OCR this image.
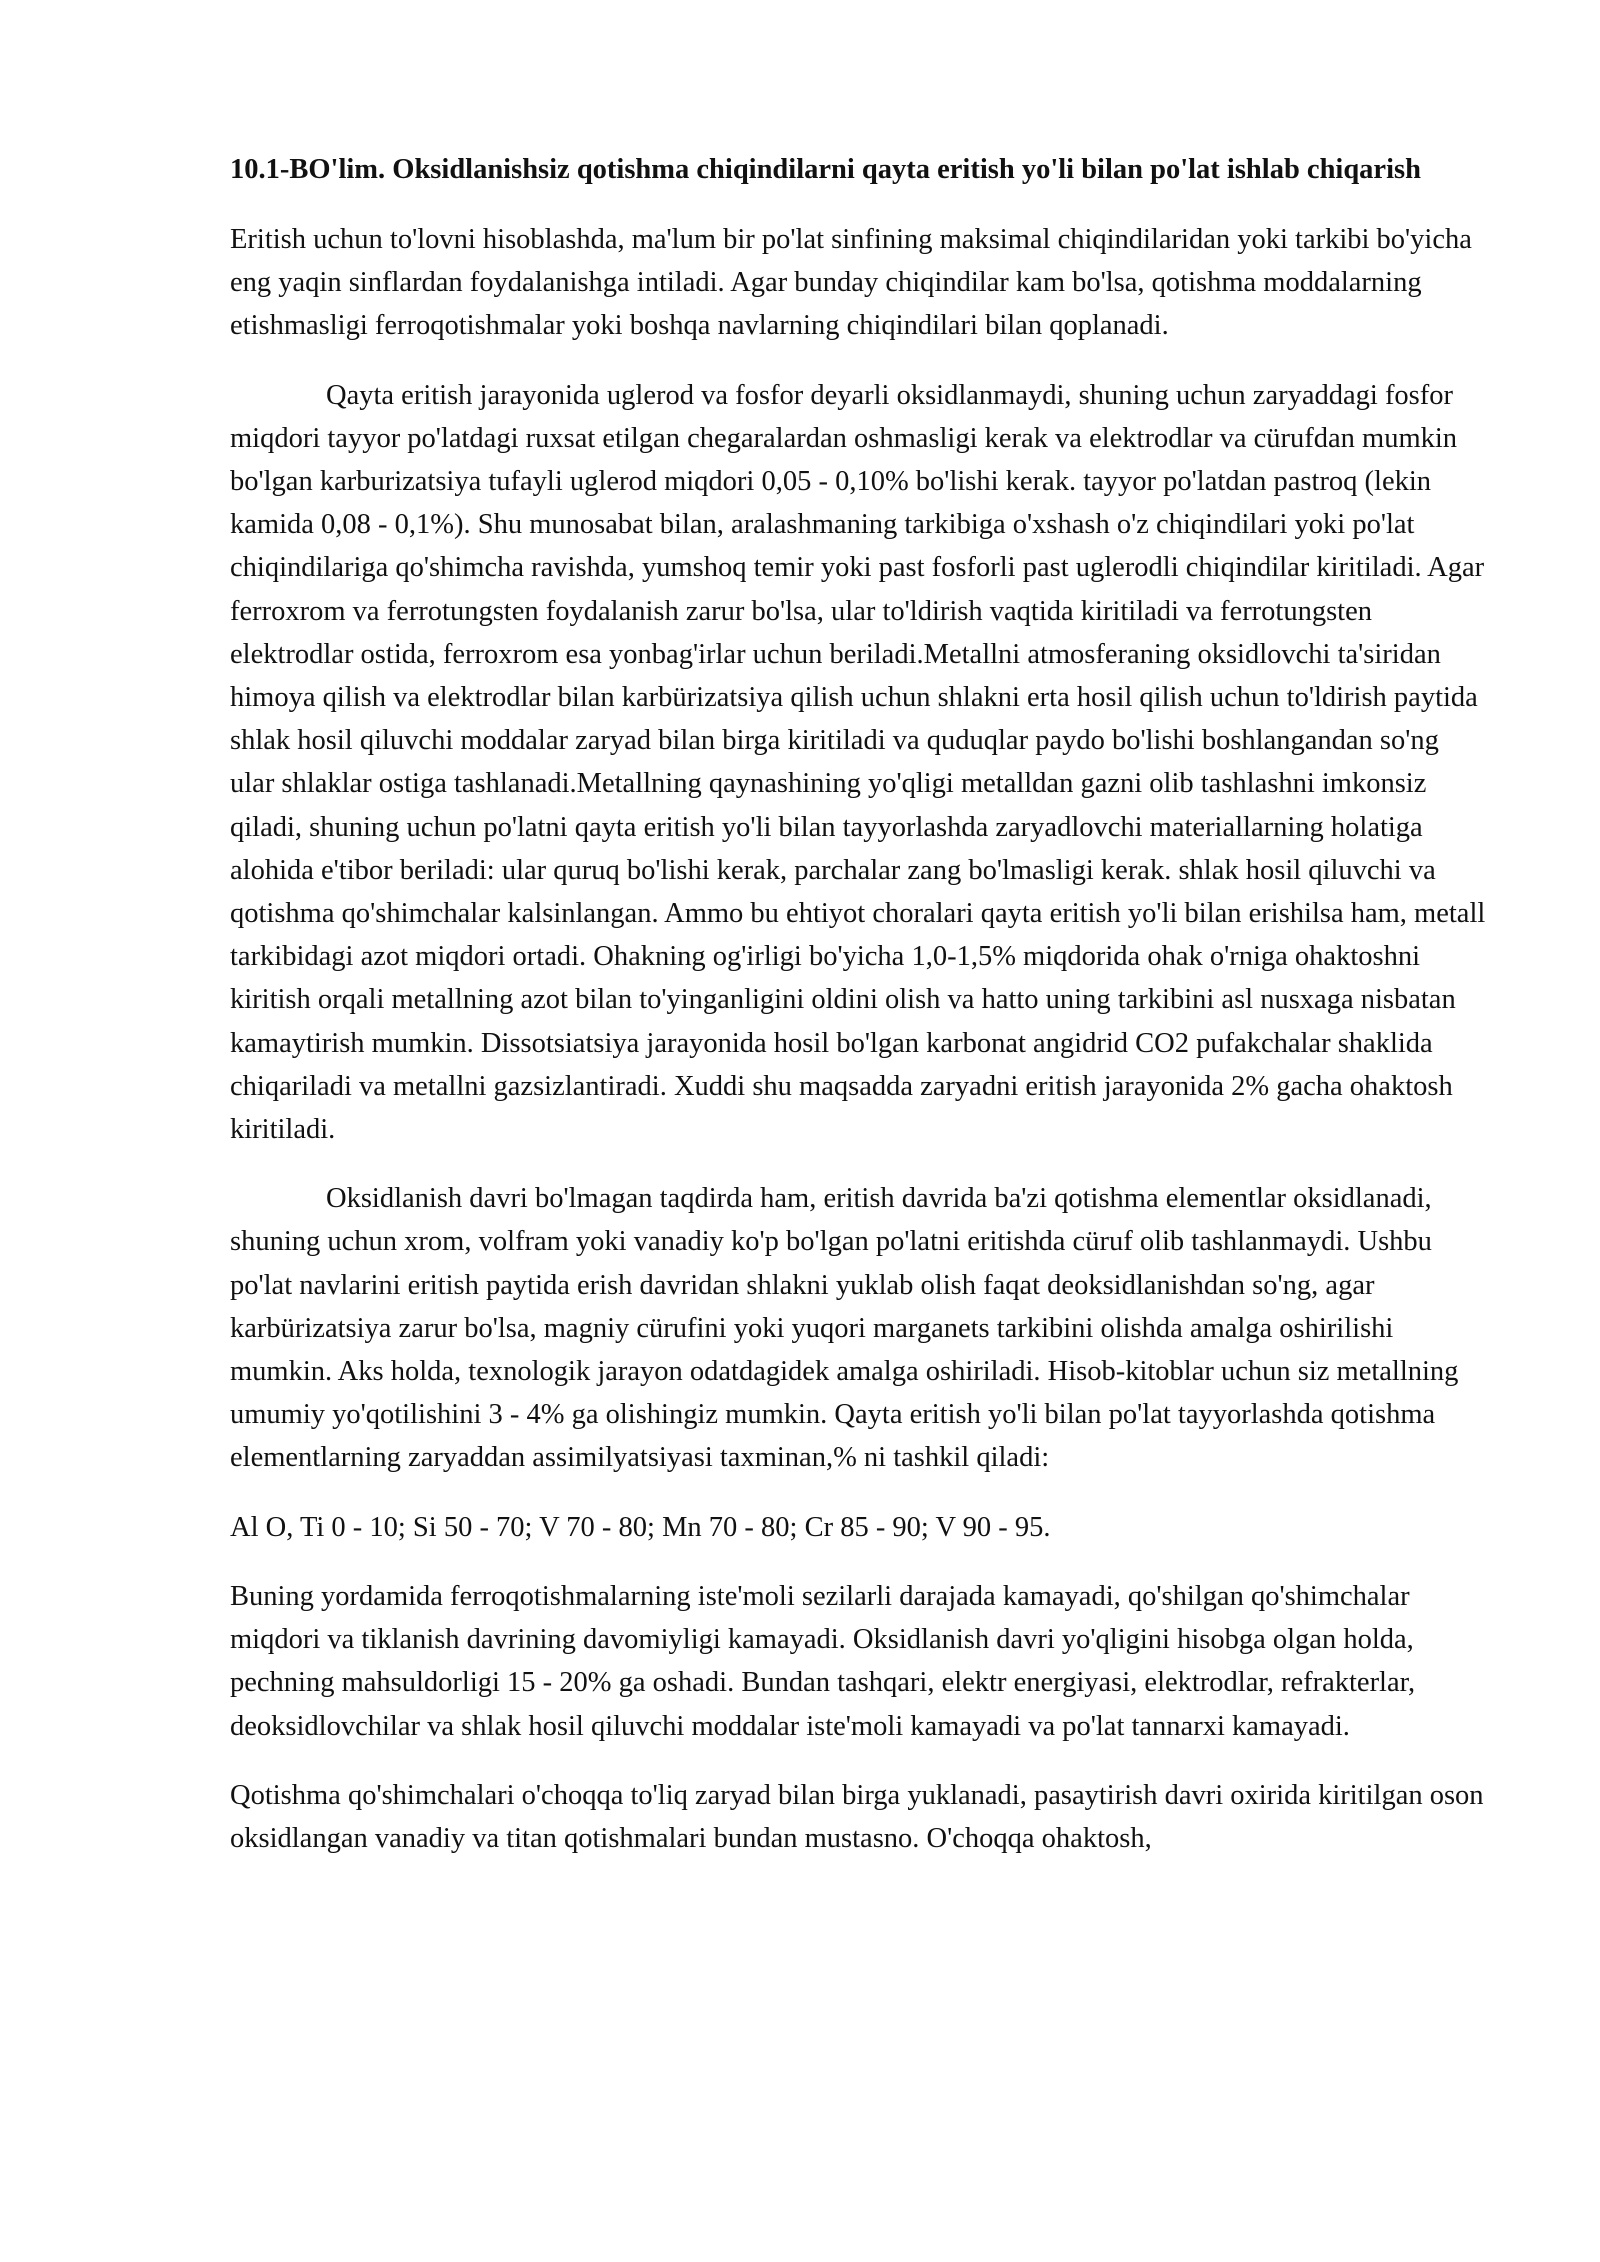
10.1-BO'lim. Oksidlanishsiz qotishma chiqindilarni qayta eritish yo'li bilan po'lat ishlab chiqarish

Eritish uchun to'lovni hisoblashda, ma'lum bir po'lat sinfining maksimal chiqindilaridan yoki tarkibi bo'yicha eng yaqin sinflardan foydalanishga intiladi. Agar bunday chiqindilar kam bo'lsa, qotishma moddalarning etishmasligi ferroqotishmalar yoki boshqa navlarning chiqindilari bilan qoplanadi.

Qayta eritish jarayonida uglerod va fosfor deyarli oksidlanmaydi, shuning uchun zaryaddagi fosfor miqdori tayyor po'latdagi ruxsat etilgan chegaralardan oshmasligi kerak va elektrodlar va cürufdan mumkin bo'lgan karburizatsiya tufayli uglerod miqdori 0,05 - 0,10% bo'lishi kerak. tayyor po'latdan pastroq (lekin kamida 0,08 - 0,1%). Shu munosabat bilan, aralashmaning tarkibiga o'xshash o'z chiqindilari yoki po'lat chiqindilariga qo'shimcha ravishda, yumshoq temir yoki past fosforli past uglerodli chiqindilar kiritiladi. Agar ferroxrom va ferrotungsten foydalanish zarur bo'lsa, ular to'ldirish vaqtida kiritiladi va ferrotungsten elektrodlar ostida, ferroxrom esa yonbag'irlar uchun beriladi.Metallni atmosferaning oksidlovchi ta'siridan himoya qilish va elektrodlar bilan karbürizatsiya qilish uchun shlakni erta hosil qilish uchun to'ldirish paytida shlak hosil qiluvchi moddalar zaryad bilan birga kiritiladi va quduqlar paydo bo'lishi boshlangandan so'ng ular shlaklar ostiga tashlanadi.Metallning qaynashining yo'qligi metalldan gazni olib tashlashni imkonsiz qiladi, shuning uchun po'latni qayta eritish yo'li bilan tayyorlashda zaryadlovchi materiallarning holatiga alohida e'tibor beriladi: ular quruq bo'lishi kerak, parchalar zang bo'lmasligi kerak. shlak hosil qiluvchi va qotishma qo'shimchalar kalsinlangan. Ammo bu ehtiyot choralari qayta eritish yo'li bilan erishilsa ham, metall tarkibidagi azot miqdori ortadi. Ohakning og'irligi bo'yicha 1,0-1,5% miqdorida ohak o'rniga ohaktoshni kiritish orqali metallning azot bilan to'yinganligini oldini olish va hatto uning tarkibini asl nusxaga nisbatan kamaytirish mumkin. Dissotsiatsiya jarayonida hosil bo'lgan karbonat angidrid CO2 pufakchalar shaklida chiqariladi va metallni gazsizlantiradi. Xuddi shu maqsadda zaryadni eritish jarayonida 2% gacha ohaktosh kiritiladi.

Oksidlanish davri bo'lmagan taqdirda ham, eritish davrida ba'zi qotishma elementlar oksidlanadi, shuning uchun xrom, volfram yoki vanadiy ko'p bo'lgan po'latni eritishda cüruf olib tashlanmaydi. Ushbu po'lat navlarini eritish paytida erish davridan shlakni yuklab olish faqat deoksidlanishdan so'ng, agar karbürizatsiya zarur bo'lsa, magniy cürufini yoki yuqori marganets tarkibini olishda amalga oshirilishi mumkin. Aks holda, texnologik jarayon odatdagidek amalga oshiriladi. Hisob-kitoblar uchun siz metallning umumiy yo'qotilishini 3 - 4% ga olishingiz mumkin. Qayta eritish yo'li bilan po'lat tayyorlashda qotishma elementlarning zaryaddan assimilyatsiyasi taxminan,% ni tashkil qiladi:

Al O, Ti 0 - 10; Si 50 - 70; V 70 - 80; Mn 70 - 80; Cr 85 - 90; V 90 - 95.

Buning yordamida ferroqotishmalarning iste'moli sezilarli darajada kamayadi, qo'shilgan qo'shimchalar miqdori va tiklanish davrining davomiyligi kamayadi. Oksidlanish davri yo'qligini hisobga olgan holda, pechning mahsuldorligi 15 - 20% ga oshadi. Bundan tashqari, elektr energiyasi, elektrodlar, refrakterlar, deoksidlovchilar va shlak hosil qiluvchi moddalar iste'moli kamayadi va po'lat tannarxi kamayadi.

Qotishma qo'shimchalari o'choqqa to'liq zaryad bilan birga yuklanadi, pasaytirish davri oxirida kiritilgan oson oksidlangan vanadiy va titan qotishmalari bundan mustasno. O'choqqa ohaktosh,
